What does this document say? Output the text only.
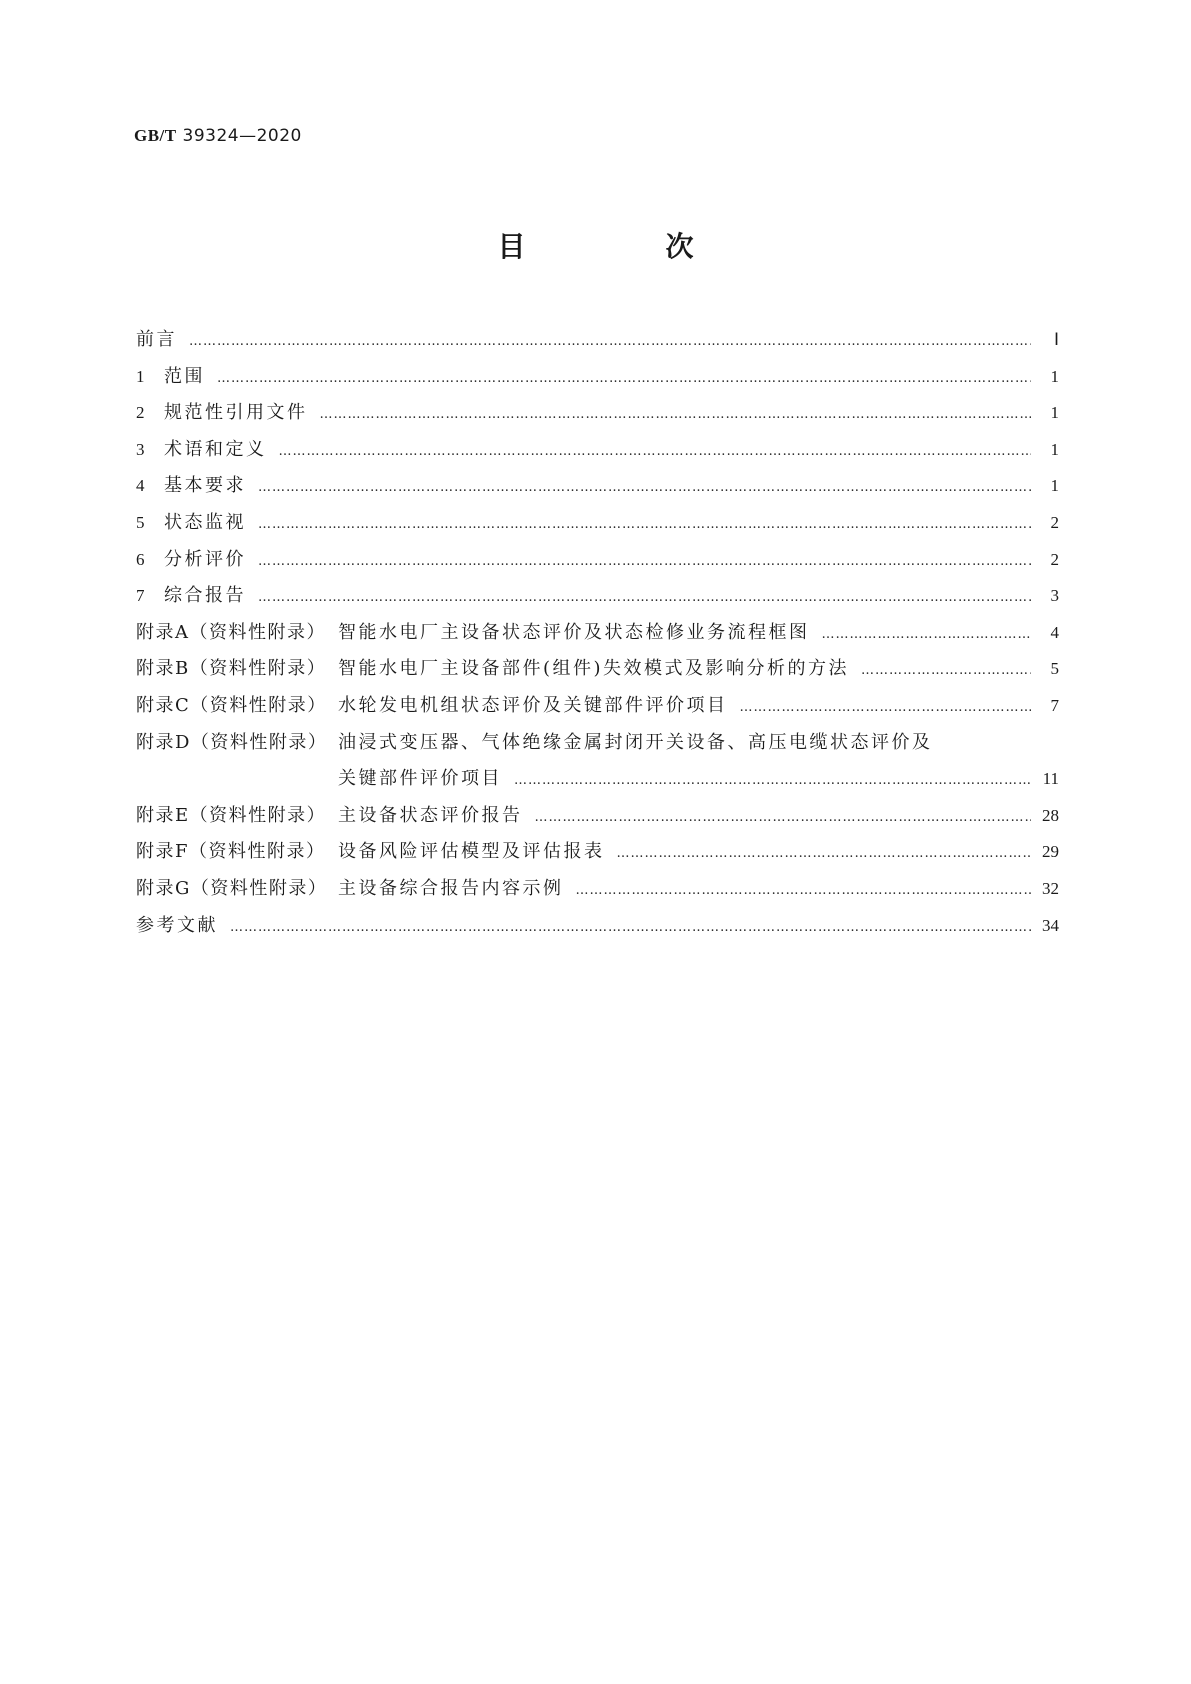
GB/T 39324—2020
目　次
前言 …………………………………………………………………………………………………………………………………………………………………………………………………………………………	Ⅰ
1	范围 …………………………………………………………………………………………………………………………………………………………………………………………………………………………	1
2	规范性引用文件 …………………………………………………………………………………………………………………………………………………………………………………………………………………………	1
3	术语和定义 …………………………………………………………………………………………………………………………………………………………………………………………………………………………	1
4	基本要求 …………………………………………………………………………………………………………………………………………………………………………………………………………………………	1
5	状态监视 …………………………………………………………………………………………………………………………………………………………………………………………………………………………	2
6	分析评价 …………………………………………………………………………………………………………………………………………………………………………………………………………………………	2
7	综合报告 …………………………………………………………………………………………………………………………………………………………………………………………………………………………	3
附录A（资料性附录） 智能水电厂主设备状态评价及状态检修业务流程框图 …………………………………………………………………………………………………………………………………………………………………………………………………………………………	4
附录B（资料性附录） 智能水电厂主设备部件(组件)失效模式及影响分析的方法 …………………………………………………………………………………………………………………………………………………………………………………………………………………………	5
附录C（资料性附录） 水轮发电机组状态评价及关键部件评价项目 …………………………………………………………………………………………………………………………………………………………………………………………………………………………	7
附录D（资料性附录） 油浸式变压器、气体绝缘金属封闭开关设备、高压电缆状态评价及
关键部件评价项目 …………………………………………………………………………………………………………………………………………………………………………………………………………………………	11
附录E（资料性附录） 主设备状态评价报告 …………………………………………………………………………………………………………………………………………………………………………………………………………………………	28
附录F（资料性附录） 设备风险评估模型及评估报表 …………………………………………………………………………………………………………………………………………………………………………………………………………………………	29
附录G（资料性附录） 主设备综合报告内容示例 …………………………………………………………………………………………………………………………………………………………………………………………………………………………	32
参考文献 …………………………………………………………………………………………………………………………………………………………………………………………………………………………	34
